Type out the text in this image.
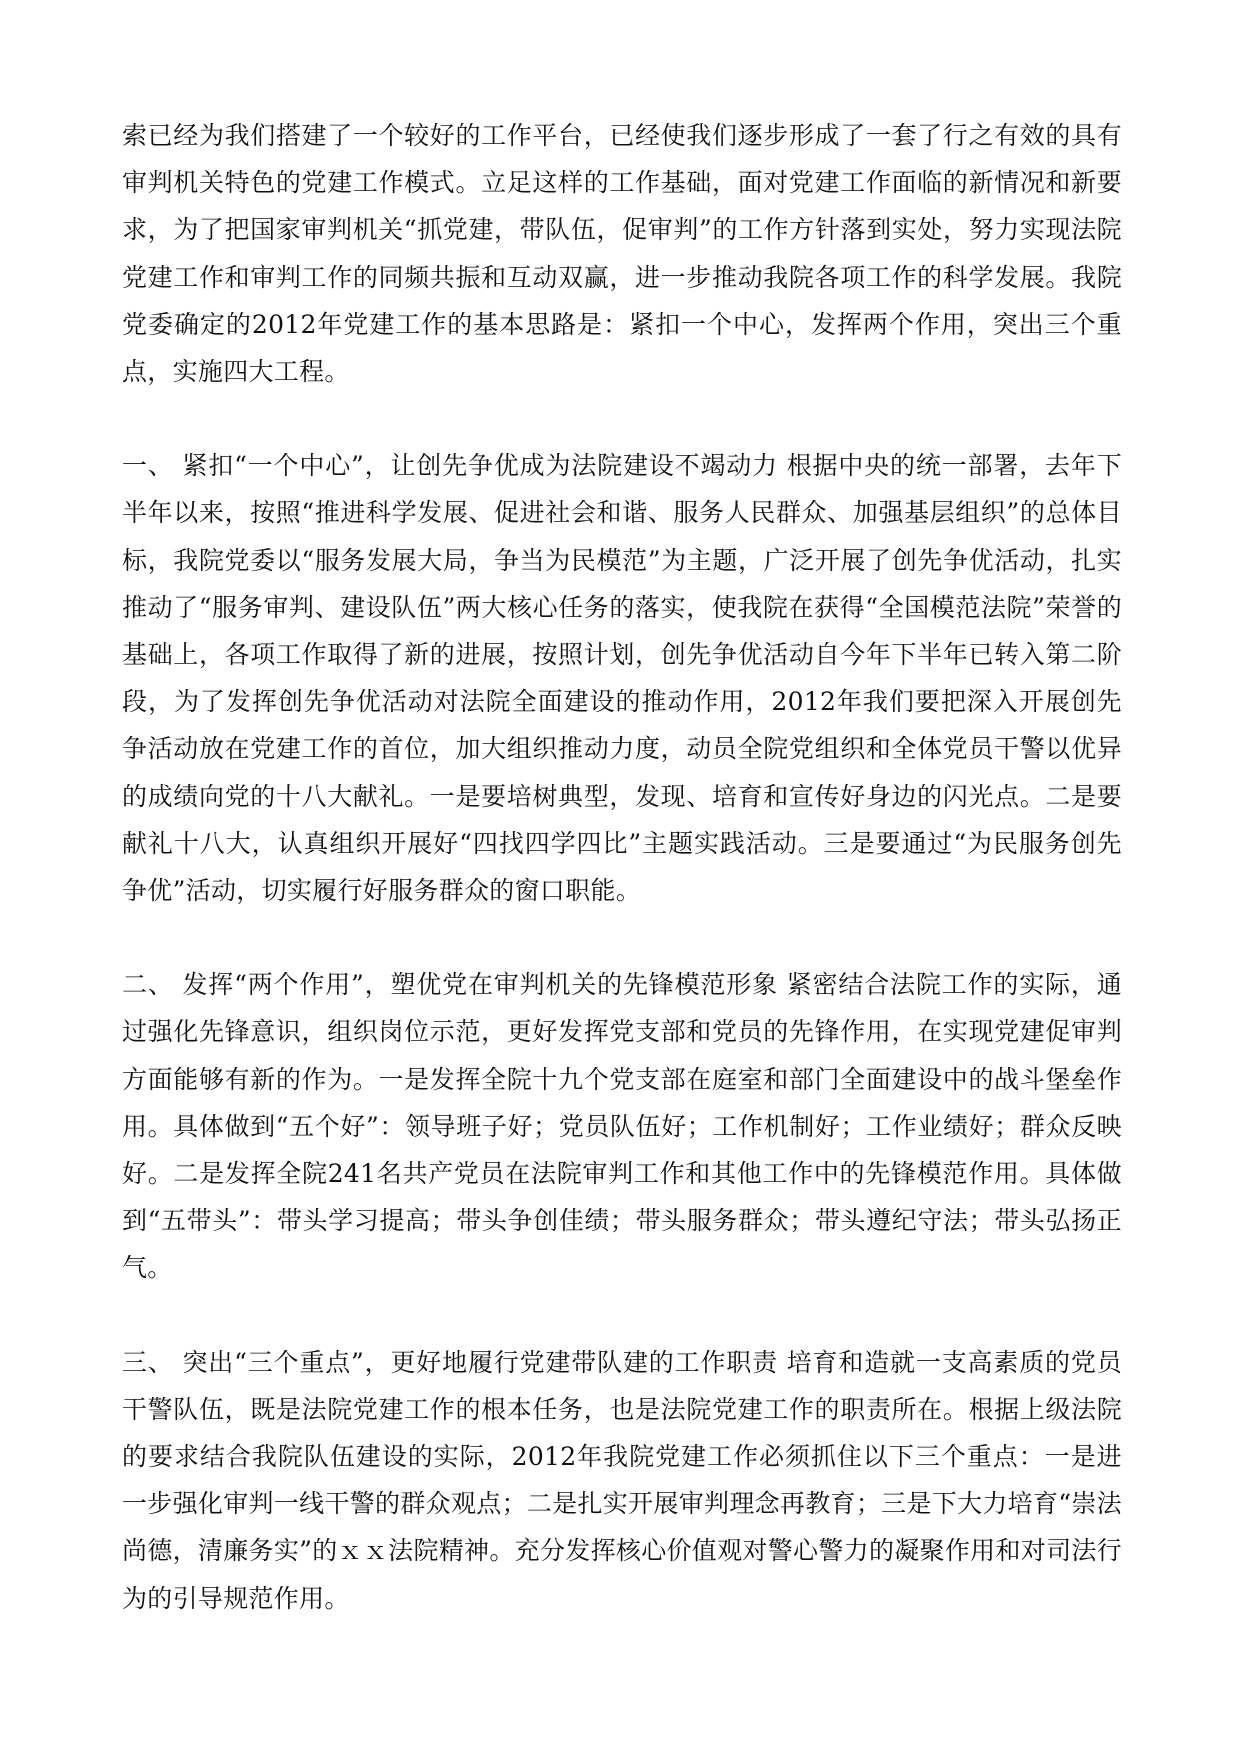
索已经为我们搭建了一个较好的工作平台，已经使我们逐步形成了一套了行之有效的具有审判机关特色的党建工作模式。立足这样的工作基础，面对党建工作面临的新情况和新要求，为了把国家审判机关“抓党建，带队伍，促审判”的工作方针落到实处，努力实现法院党建工作和审判工作的同频共振和互动双赢，进一步推动我院各项工作的科学发展。我院党委确定的2012年党建工作的基本思路是：紧扣一个中心，发挥两个作用，突出三个重点，实施四大工程。

一、 紧扣“一个中心”，让创先争优成为法院建设不竭动力 根据中央的统一部署，去年下半年以来，按照“推进科学发展、促进社会和谐、服务人民群众、加强基层组织”的总体目标，我院党委以“服务发展大局，争当为民模范”为主题，广泛开展了创先争优活动，扎实推动了“服务审判、建设队伍”两大核心任务的落实，使我院在获得“全国模范法院”荣誉的基础上，各项工作取得了新的进展，按照计划，创先争优活动自今年下半年已转入第二阶段，为了发挥创先争优活动对法院全面建设的推动作用，2012年我们要把深入开展创先争活动放在党建工作的首位，加大组织推动力度，动员全院党组织和全体党员干警以优异的成绩向党的十八大献礼。一是要培树典型，发现、培育和宣传好身边的闪光点。二是要献礼十八大，认真组织开展好“四找四学四比”主题实践活动。三是要通过“为民服务创先争优”活动，切实履行好服务群众的窗口职能。

二、 发挥“两个作用”，塑优党在审判机关的先锋模范形象 紧密结合法院工作的实际，通过强化先锋意识，组织岗位示范，更好发挥党支部和党员的先锋作用，在实现党建促审判方面能够有新的作为。一是发挥全院十九个党支部在庭室和部门全面建设中的战斗堡垒作用。具体做到“五个好”：领导班子好；党员队伍好；工作机制好；工作业绩好；群众反映好。二是发挥全院241名共产党员在法院审判工作和其他工作中的先锋模范作用。具体做到“五带头”：带头学习提高；带头争创佳绩；带头服务群众；带头遵纪守法；带头弘扬正气。

三、 突出“三个重点”，更好地履行党建带队建的工作职责 培育和造就一支高素质的党员干警队伍，既是法院党建工作的根本任务，也是法院党建工作的职责所在。根据上级法院的要求结合我院队伍建设的实际，2012年我院党建工作必须抓住以下三个重点：一是进一步强化审判一线干警的群众观点；二是扎实开展审判理念再教育；三是下大力培育“崇法尚德，清廉务实”的ｘｘ法院精神。充分发挥核心价值观对警心警力的凝聚作用和对司法行为的引导规范作用。
